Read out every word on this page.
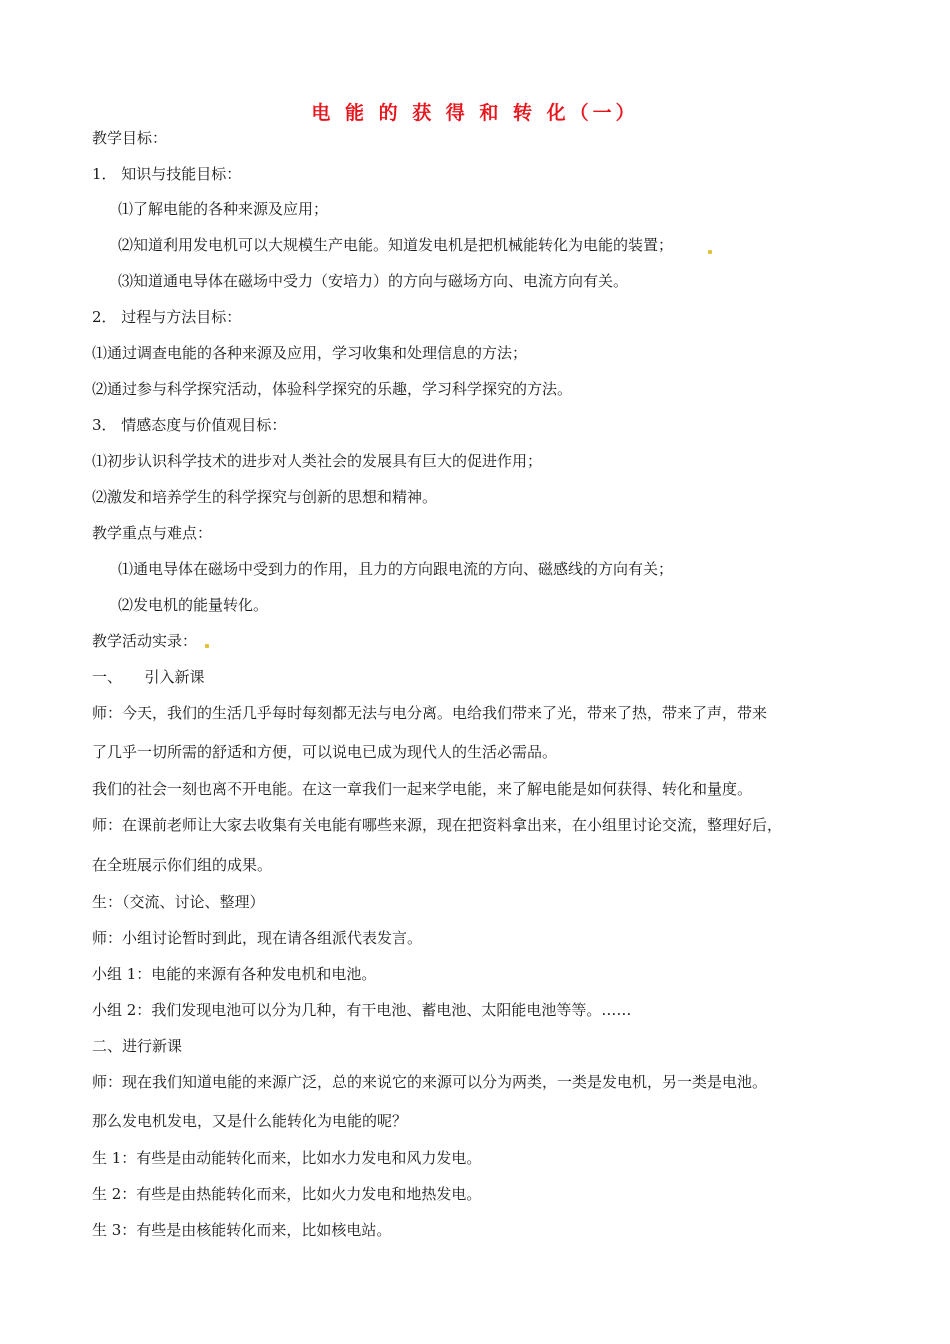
电 能 的 获 得 和 转 化（一）
教学目标：
1． 知识与技能目标：
⑴了解电能的各种来源及应用；
⑵知道利用发电机可以大规模生产电能。知道发电机是把机械能转化为电能的装置；
⑶知道通电导体在磁场中受力（安培力）的方向与磁场方向、电流方向有关。
2． 过程与方法目标：
⑴通过调查电能的各种来源及应用，学习收集和处理信息的方法；
⑵通过参与科学探究活动，体验科学探究的乐趣，学习科学探究的方法。
3． 情感态度与价值观目标：
⑴初步认识科学技术的进步对人类社会的发展具有巨大的促进作用；
⑵激发和培养学生的科学探究与创新的思想和精神。
教学重点与难点：
⑴通电导体在磁场中受到力的作用，且力的方向跟电流的方向、磁感线的方向有关；
⑵发电机的能量转化。
教学活动实录：
一、　　引入新课
师：今天，我们的生活几乎每时每刻都无法与电分离。电给我们带来了光，带来了热，带来了声，带来
了几乎一切所需的舒适和方便，可以说电已成为现代人的生活必需品。
我们的社会一刻也离不开电能。在这一章我们一起来学电能，来了解电能是如何获得、转化和量度。
师：在课前老师让大家去收集有关电能有哪些来源，现在把资料拿出来，在小组里讨论交流，整理好后，
在全班展示你们组的成果。
生：（交流、讨论、整理）
师：小组讨论暂时到此，现在请各组派代表发言。
小组 1：电能的来源有各种发电机和电池。
小组 2：我们发现电池可以分为几种，有干电池、蓄电池、太阳能电池等等。……
二、进行新课
师：现在我们知道电能的来源广泛，总的来说它的来源可以分为两类，一类是发电机，另一类是电池。
那么发电机发电，又是什么能转化为电能的呢？
生 1：有些是由动能转化而来，比如水力发电和风力发电。
生 2：有些是由热能转化而来，比如火力发电和地热发电。
生 3：有些是由核能转化而来，比如核电站。
